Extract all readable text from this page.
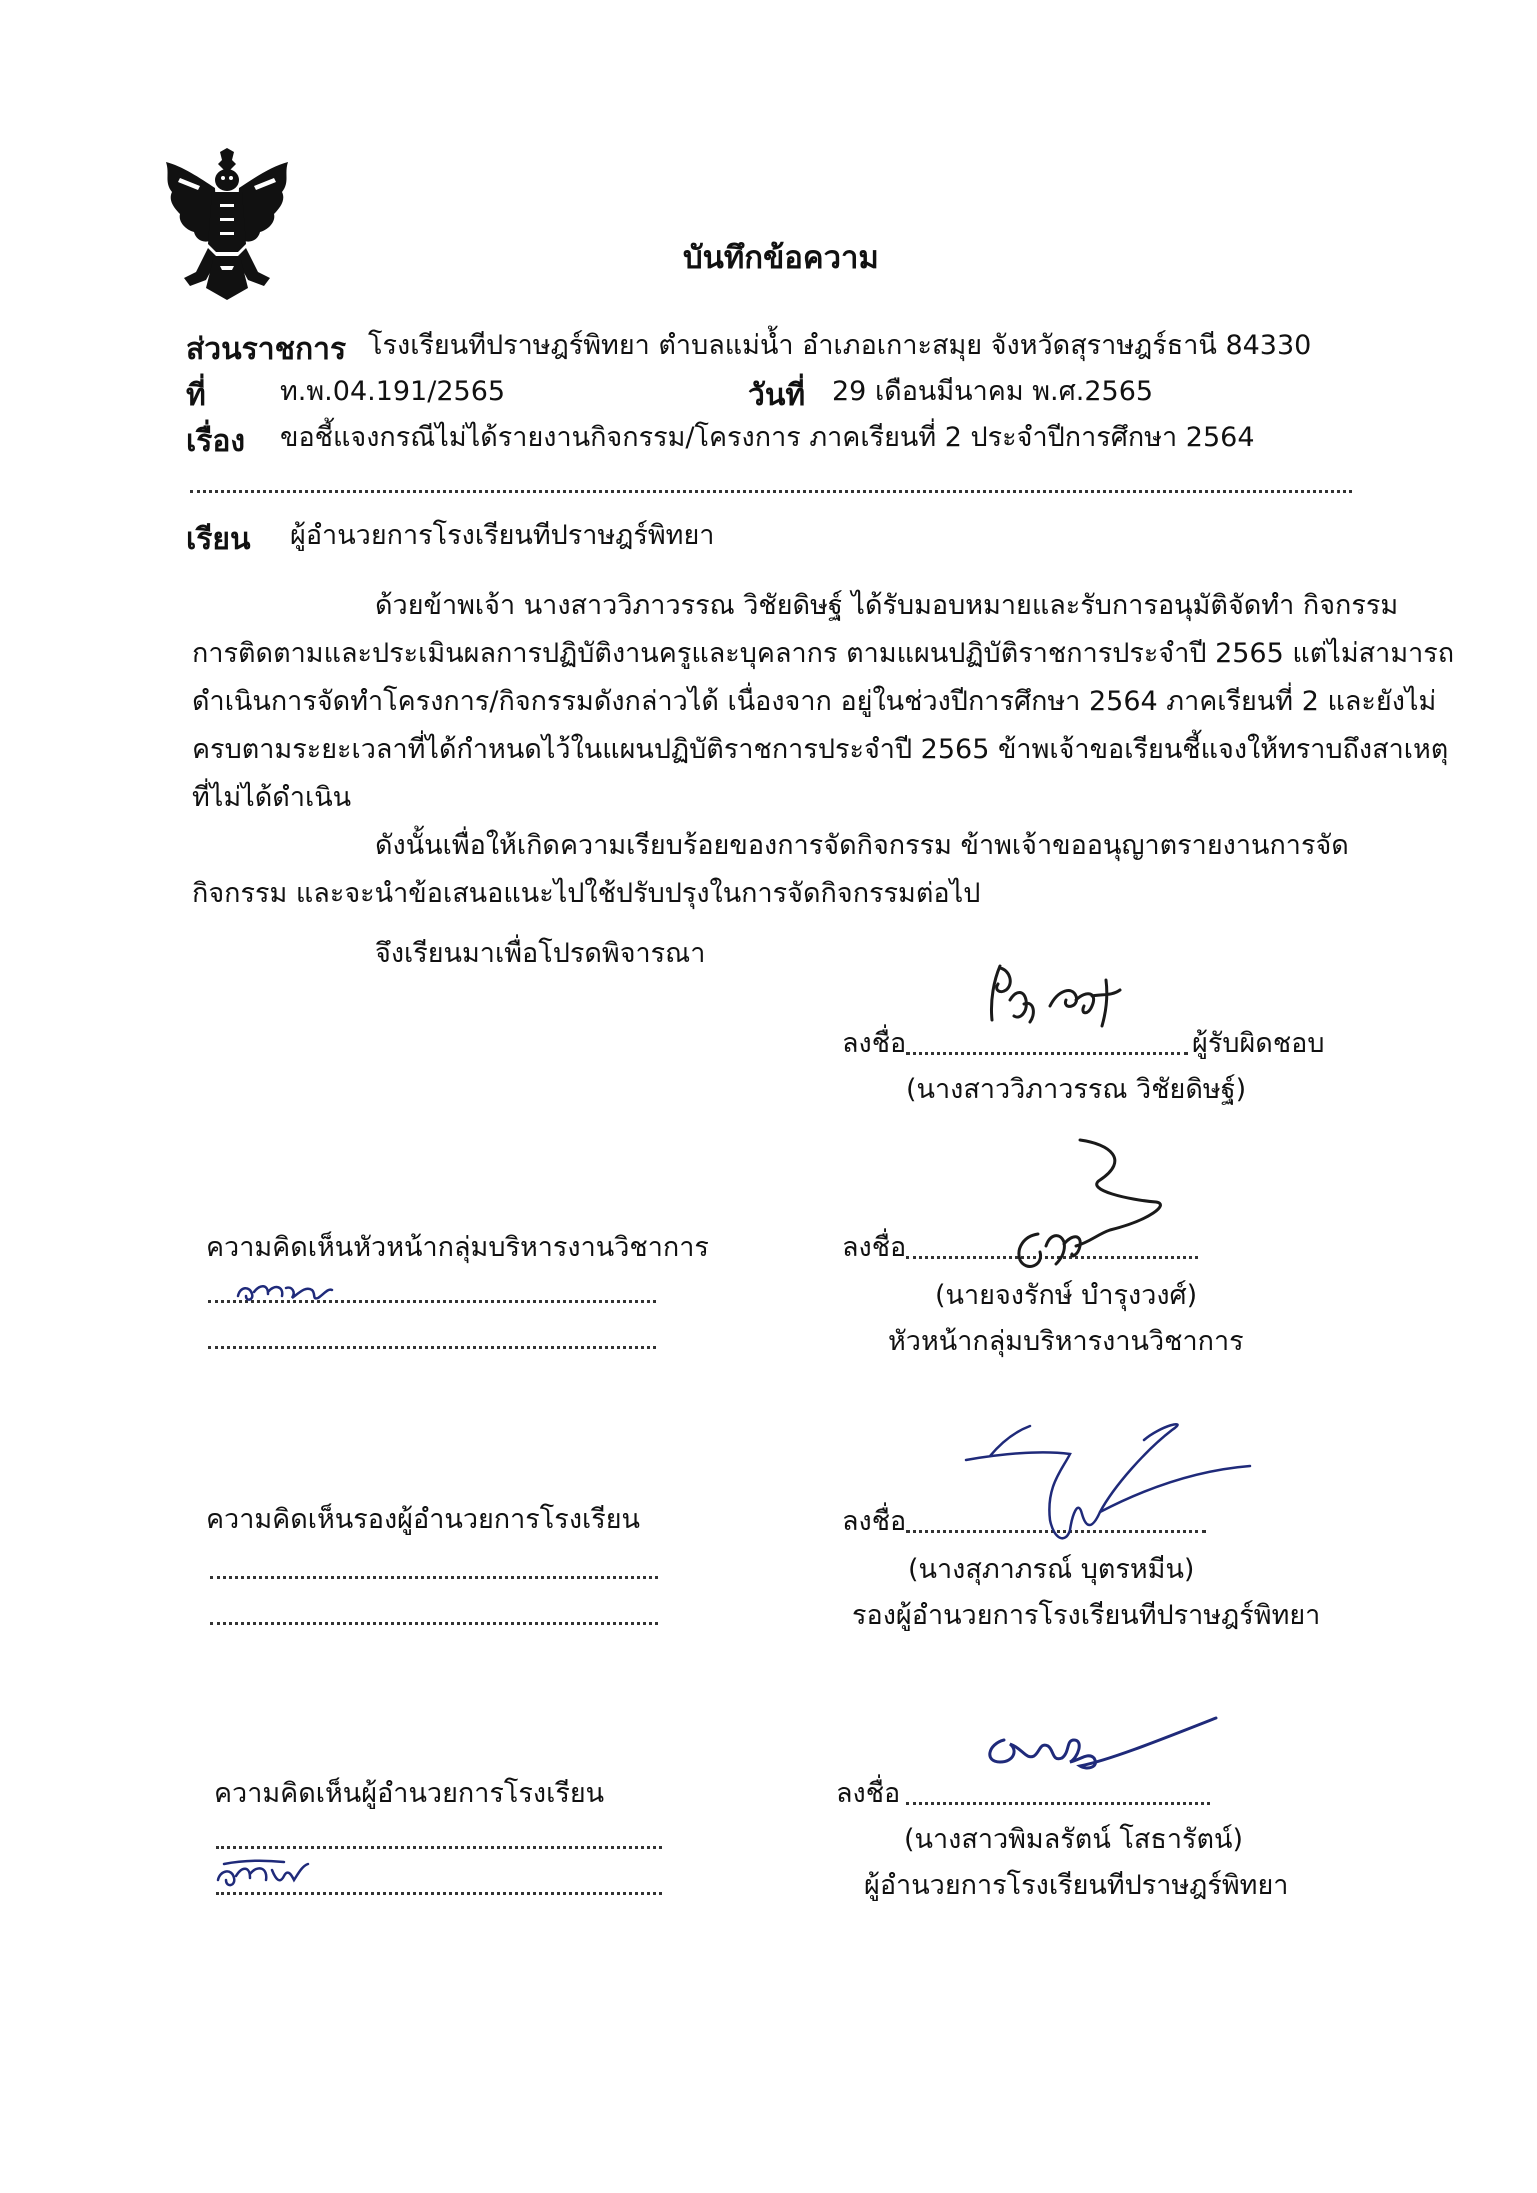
บันทึกข้อความ
ส่วนราชการ โรงเรียนทีปราษฎร์พิทยา ตำบลแม่น้ำ อำเภอเกาะสมุย จังหวัดสุราษฎร์ธานี 84330
ที่	ท.พ.04.191/2565	วันที่ 29 เดือนมีนาคม พ.ศ.2565
เรื่อง ขอชี้แจงกรณีไม่ได้รายงานกิจกรรม/โครงการ ภาคเรียนที่ 2 ประจำปีการศึกษา 2564
เรียน ผู้อำนวยการโรงเรียนทีปราษฎร์พิทยา
ด้วยข้าพเจ้า นางสาววิภาวรรณ วิชัยดิษฐ์ ได้รับมอบหมายและรับการอนุมัติจัดทำ กิจกรรม
การติดตามและประเมินผลการปฏิบัติงานครูและบุคลากร ตามแผนปฏิบัติราชการประจำปี 2565 แต่ไม่สามารถ
ดำเนินการจัดทำโครงการ/กิจกรรมดังกล่าวได้ เนื่องจาก อยู่ในช่วงปีการศึกษา 2564 ภาคเรียนที่ 2 และยังไม่
ครบตามระยะเวลาที่ได้กำหนดไว้ในแผนปฏิบัติราชการประจำปี 2565 ข้าพเจ้าขอเรียนชี้แจงให้ทราบถึงสาเหตุ
ที่ไม่ได้ดำเนิน
ดังนั้นเพื่อให้เกิดความเรียบร้อยของการจัดกิจกรรม ข้าพเจ้าขออนุญาตรายงานการจัด
กิจกรรม และจะนำข้อเสนอแนะไปใช้ปรับปรุงในการจัดกิจกรรมต่อไป
จึงเรียนมาเพื่อโปรดพิจารณา
ลงชื่อ	ผู้รับผิดชอบ
(นางสาววิภาวรรณ วิชัยดิษฐ์)
ความคิดเห็นหัวหน้ากลุ่มบริหารงานวิชาการ	ลงชื่อ
(นายจงรักษ์ บำรุงวงศ์)
หัวหน้ากลุ่มบริหารงานวิชาการ
ความคิดเห็นรองผู้อำนวยการโรงเรียน	ลงชื่อ
(นางสุภาภรณ์ บุตรหมีน)
รองผู้อำนวยการโรงเรียนทีปราษฎร์พิทยา
ความคิดเห็นผู้อำนวยการโรงเรียน	ลงชื่อ
(นางสาวพิมลรัตน์ โสธารัตน์)
ผู้อำนวยการโรงเรียนทีปราษฎร์พิทยา
